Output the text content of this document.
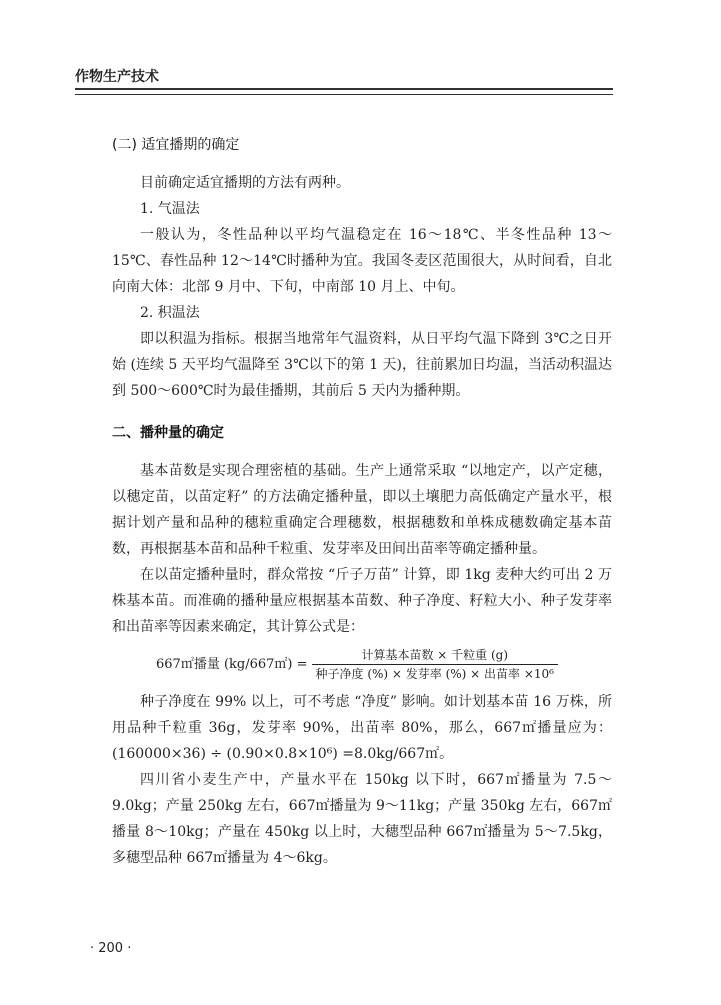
作物生产技术
(二) 适宜播期的确定

目前确定适宜播期的方法有两种。

1. 气温法

一般认为，冬性品种以平均气温稳定在 16～18℃、半冬性品种 13～15℃、春性品种 12～14℃时播种为宜。我国冬麦区范围很大，从时间看，自北向南大体：北部 9 月中、下旬，中南部 10 月上、中旬。

2. 积温法

即以积温为指标。根据当地常年气温资料，从日平均气温下降到 3℃之日开始 (连续 5 天平均气温降至 3℃以下的第 1 天)，往前累加日均温，当活动积温达到 500～600℃时为最佳播期，其前后 5 天内为播种期。

二、播种量的确定

基本苗数是实现合理密植的基础。生产上通常采取 “以地定产，以产定穗，以穗定苗，以苗定籽” 的方法确定播种量，即以土壤肥力高低确定产量水平，根据计划产量和品种的穗粒重确定合理穗数，根据穗数和单株成穗数确定基本苗数，再根据基本苗和品种千粒重、发芽率及田间出苗率等确定播种量。

在以苗定播种量时，群众常按 “斤子万苗” 计算，即 1kg 麦种大约可出 2 万株基本苗。而准确的播种量应根据基本苗数、种子净度、籽粒大小、种子发芽率和出苗率等因素来确定，其计算公式是：

667㎡播量 (kg/667㎡) = $\frac{\text{计算基本苗数 × 千粒重 (g)}}{\text{种子净度 (\%) × 发芽率 (\%) × 出苗率 ×10⁶}}$

种子净度在 99% 以上，可不考虑 “净度” 影响。如计划基本苗 16 万株，所用品种千粒重 36g，发芽率 90%，出苗率 80%，那么，667㎡播量应为：(160000×36) ÷ (0.90×0.8×10⁶) =8.0kg/667㎡。

四川省小麦生产中，产量水平在 150kg 以下时，667㎡播量为 7.5～9.0kg；产量 250kg 左右，667㎡播量为 9～11kg；产量 350kg 左右，667㎡播量 8～10kg；产量在 450kg 以上时，大穗型品种 667㎡播量为 5～7.5kg，多穗型品种 667㎡播量为 4～6kg。

· 200 ·
